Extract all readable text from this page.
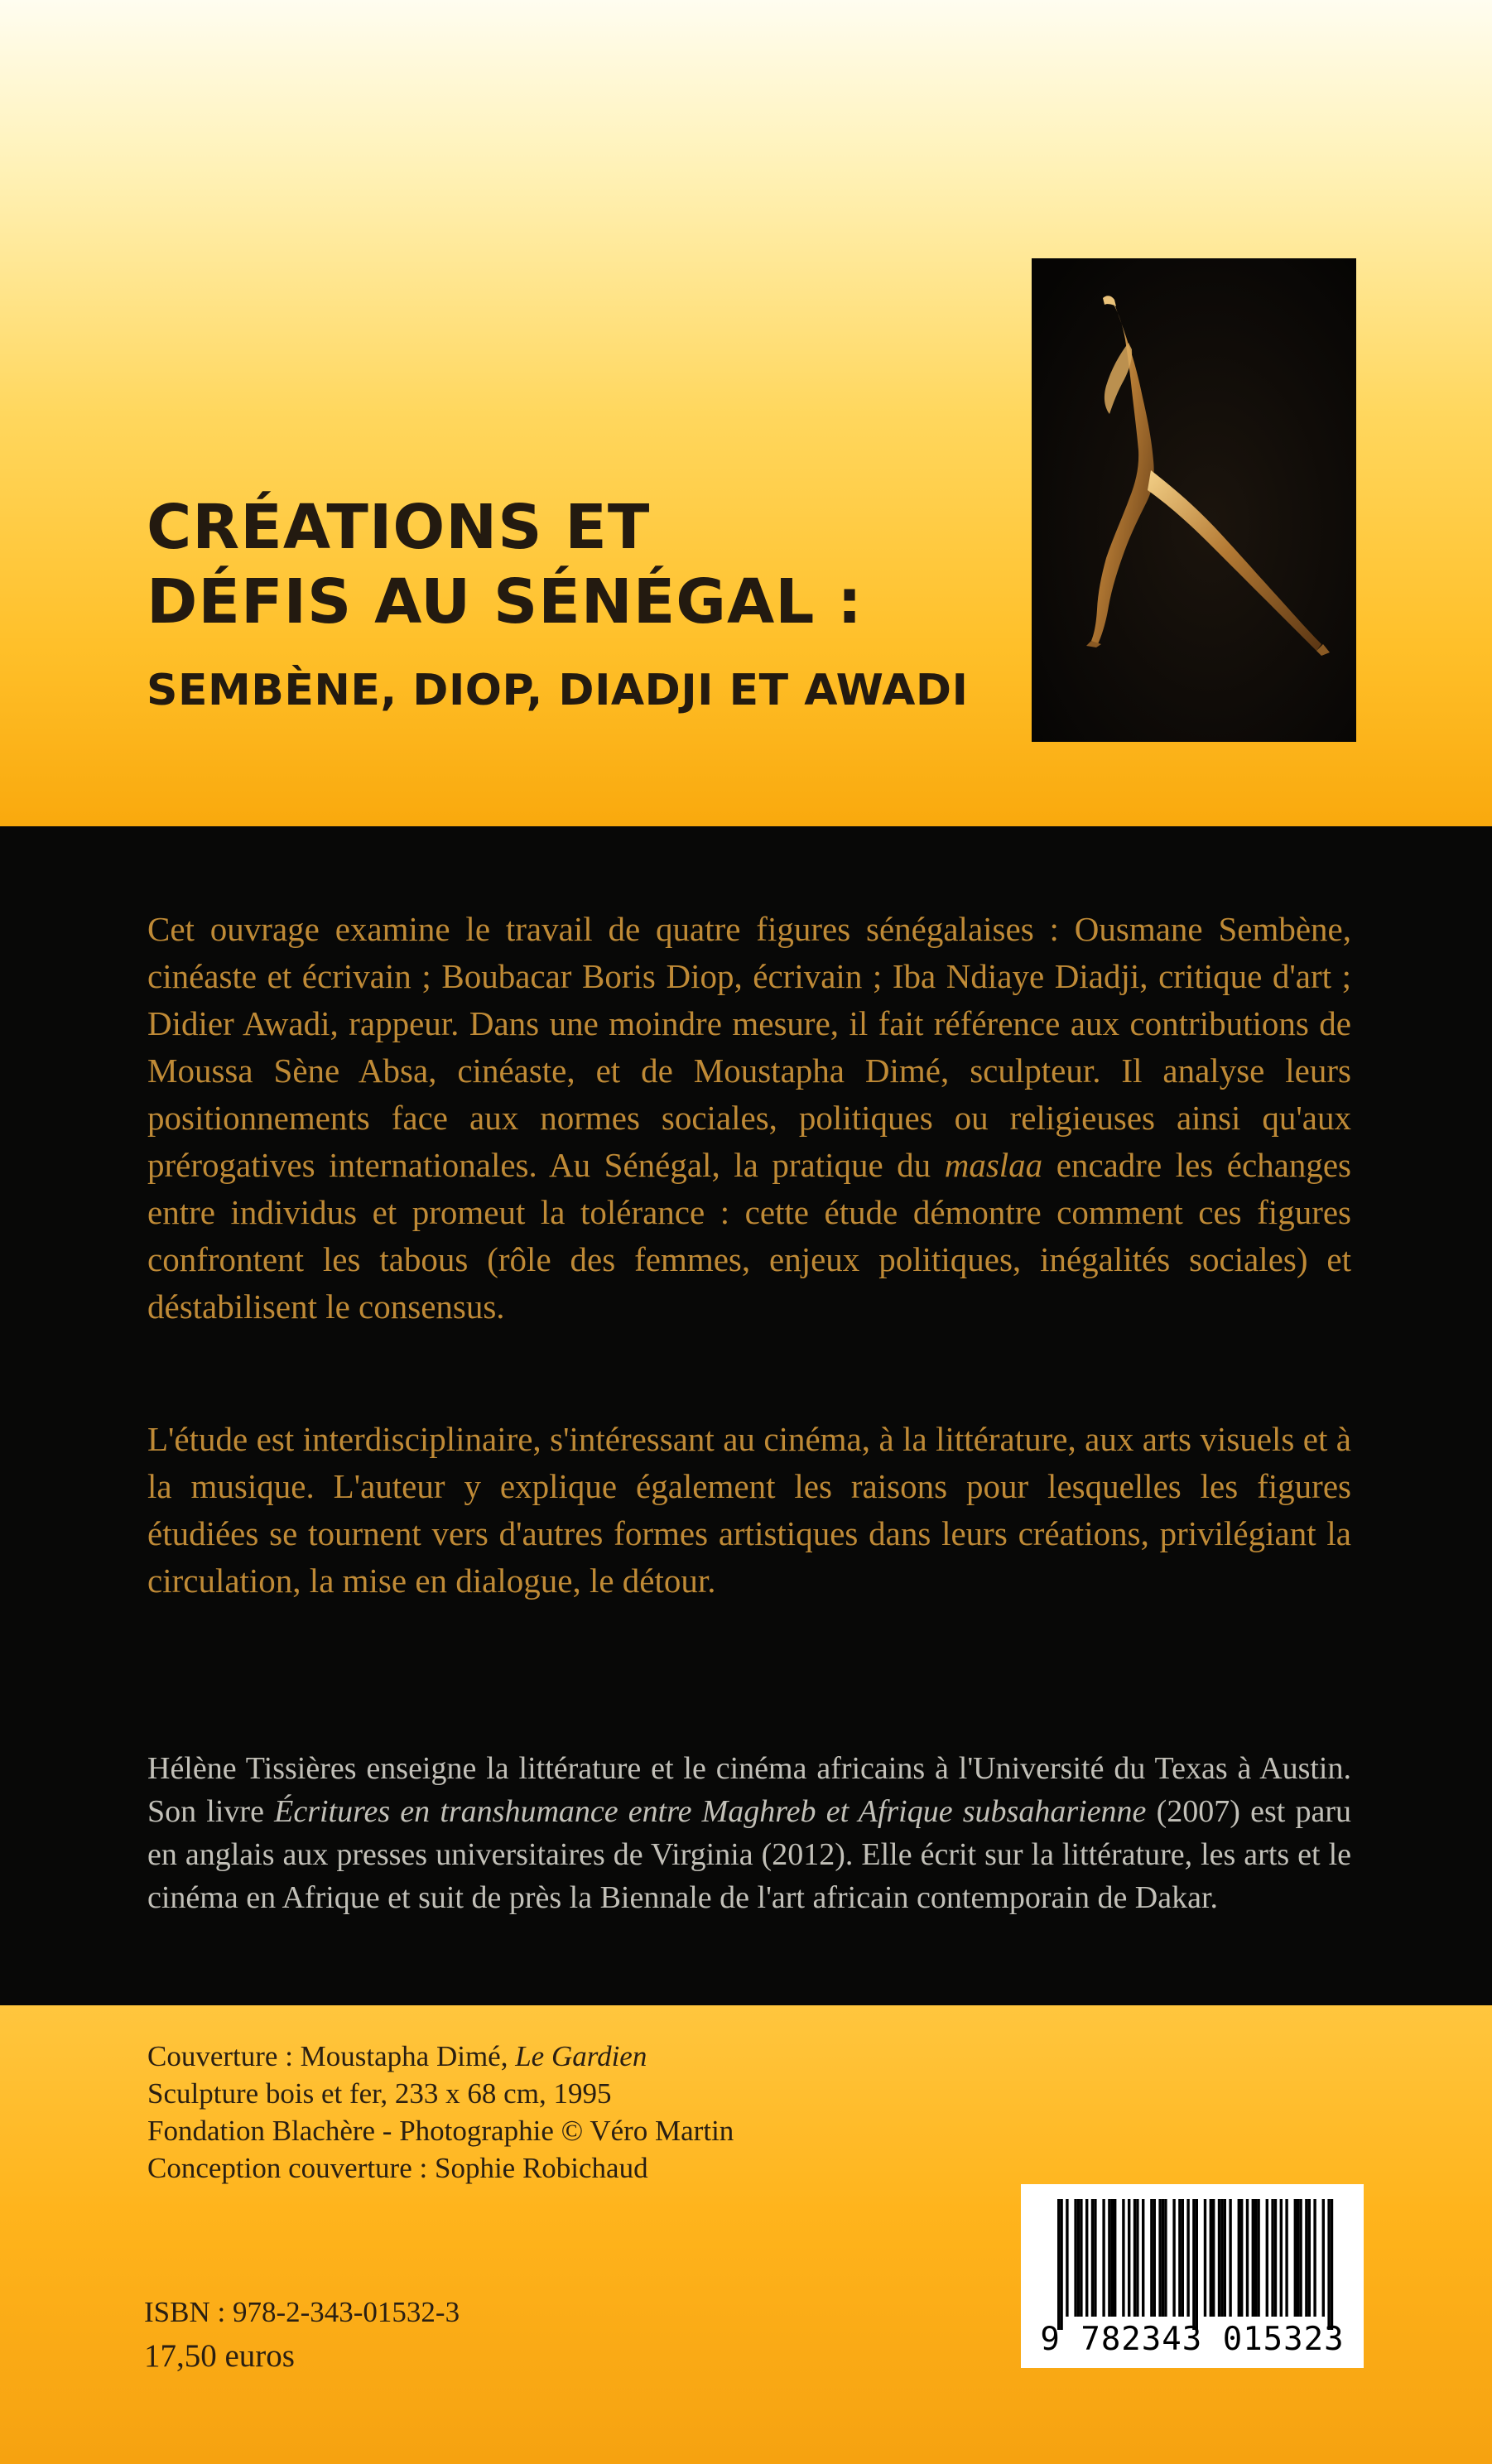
CRÉATIONS ET
DÉFIS AU SÉNÉGAL :
SEMBÈNE, DIOP, DIADJI ET AWADI

Cet ouvrage examine le travail de quatre figures sénégalaises : Ousmane Sembène, cinéaste et écrivain ; Boubacar Boris Diop, écrivain ; Iba Ndiaye Diadji, critique d'art ; Didier Awadi, rappeur. Dans une moindre mesure, il fait référence aux contributions de Moussa Sène Absa, cinéaste, et de Moustapha Dimé, sculpteur. Il analyse leurs positionnements face aux normes sociales, politiques ou religieuses ainsi qu'aux prérogatives internationales. Au Sénégal, la pratique du maslaa encadre les échanges entre individus et promeut la tolérance : cette étude démontre comment ces figures confrontent les tabous (rôle des femmes, enjeux politiques, inégalités sociales) et déstabilisent le consensus.

L'étude est interdisciplinaire, s'intéressant au cinéma, à la littérature, aux arts visuels et à la musique. L'auteur y explique également les raisons pour lesquelles les figures étudiées se tournent vers d'autres formes artistiques dans leurs créations, privilégiant la circulation, la mise en dialogue, le détour.

Hélène Tissières enseigne la littérature et le cinéma africains à l'Université du Texas à Austin. Son livre Écritures en transhumance entre Maghreb et Afrique subsaharienne (2007) est paru en anglais aux presses universitaires de Virginia (2012). Elle écrit sur la littérature, les arts et le cinéma en Afrique et suit de près la Biennale de l'art africain contemporain de Dakar.

Couverture : Moustapha Dimé, Le Gardien
Sculpture bois et fer, 233 x 68 cm, 1995
Fondation Blachère - Photographie © Véro Martin
Conception couverture : Sophie Robichaud
ISBN : 978-2-343-01532-3
17,50 euros	9 782343 015323
